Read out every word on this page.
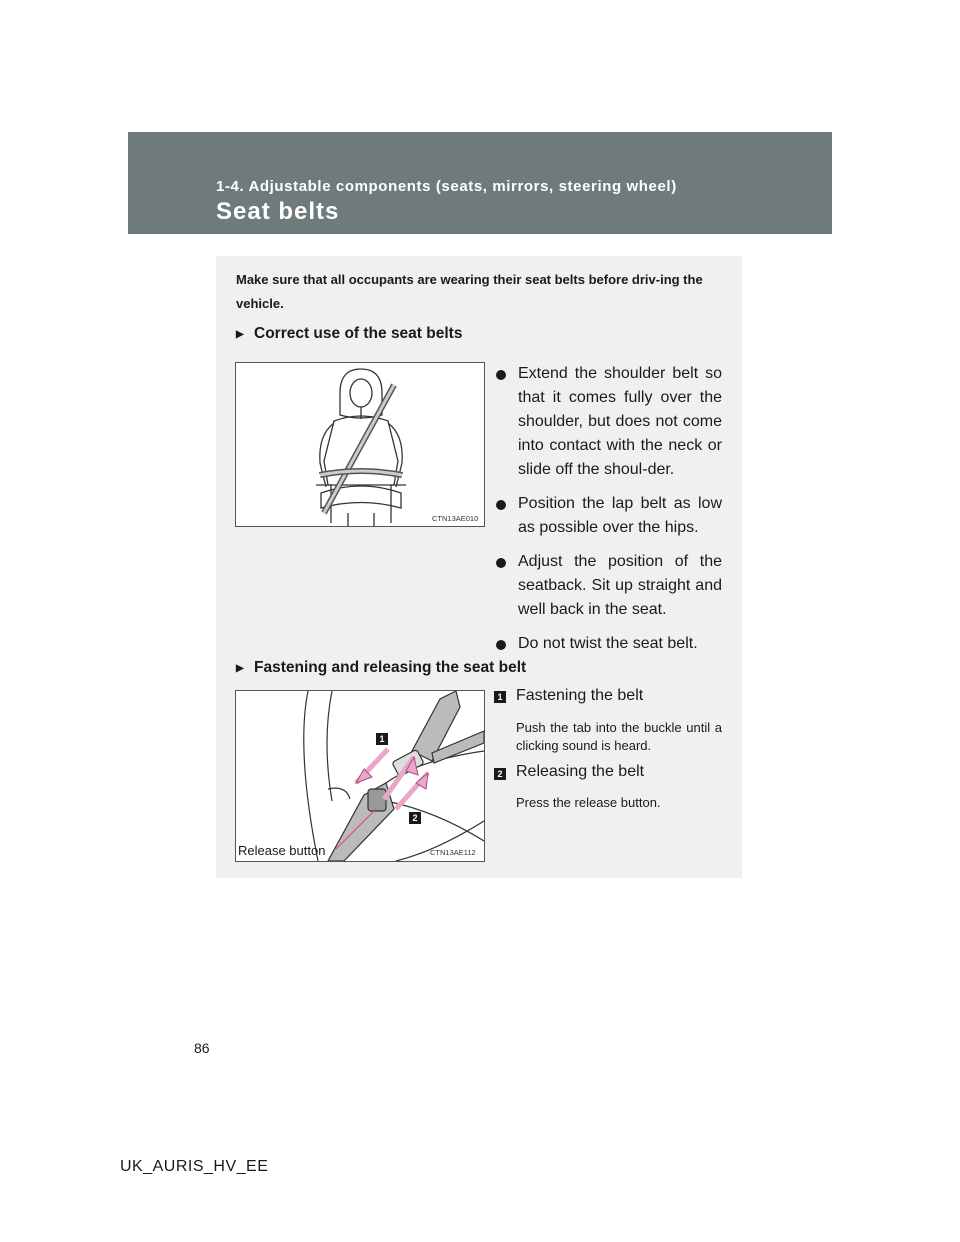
1-4. Adjustable components (seats, mirrors, steering wheel)
Seat belts
Make sure that all occupants are wearing their seat belts before driv-ing the vehicle.
▶ Correct use of the seat belts
CTN13AE010
Extend the shoulder belt so that it comes fully over the shoulder, but does not come into contact with the neck or slide off the shoul-der.
Position the lap belt as low as possible over the hips.
Adjust the position of the seatback. Sit up straight and well back in the seat.
Do not twist the seat belt.
▶ Fastening and releasing the seat belt
1
2
Release button	CTN13AE112
1 Fastening the belt
Push the tab into the buckle until a clicking sound is heard.
2 Releasing the belt
Press the release button.
86
UK_AURIS_HV_EE
